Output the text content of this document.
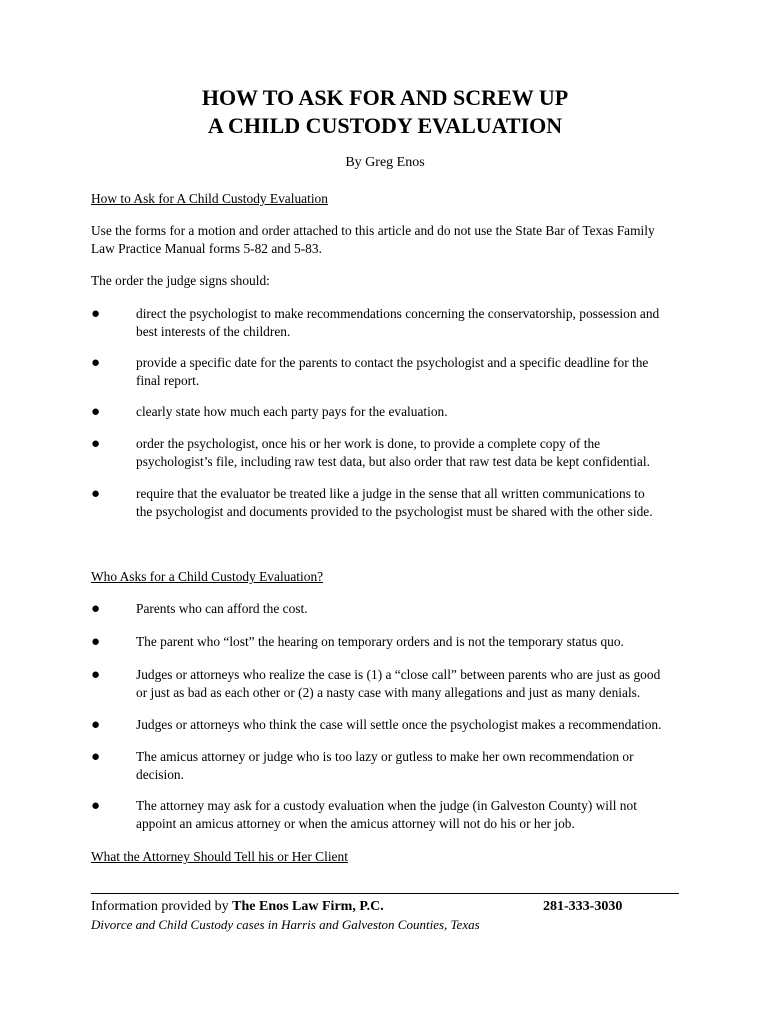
HOW TO ASK FOR AND SCREW UP
A CHILD CUSTODY EVALUATION
By Greg Enos
How to Ask for A Child Custody Evaluation
Use the forms for a motion and order attached to this article and do not use the State Bar of Texas Family
Law Practice Manual forms 5-82 and 5-83.
The order the judge signs should:
●	direct the psychologist to make recommendations concerning the conservatorship, possession and
best interests of the children.
●	provide a specific date for the parents to contact the psychologist and a specific deadline for the
final report.
●	clearly state how much each party pays for the evaluation.
●	order the psychologist, once his or her work is done, to provide a complete copy of the
psychologist’s file, including raw test data, but also order that raw test data be kept confidential.
●	require that the evaluator be treated like a judge in the sense that all written communications to
the psychologist and documents provided to the psychologist must be shared with the other side.
Who Asks for a Child Custody Evaluation?
●	Parents who can afford the cost.
●	The parent who “lost” the hearing on temporary orders and is not the temporary status quo.
●	Judges or attorneys who realize the case is (1) a “close call” between parents who are just as good
or just as bad as each other or (2) a nasty case with many allegations and just as many denials.
●	Judges or attorneys who think the case will settle once the psychologist makes a recommendation.
●	The amicus attorney or judge who is too lazy or gutless to make her own recommendation or
decision.
●	The attorney may ask for a custody evaluation when the judge (in Galveston County) will not
appoint an amicus attorney or when the amicus attorney will not do his or her job.
What the Attorney Should Tell his or Her Client
Information provided by The Enos Law Firm, P.C.	281-333-3030
Divorce and Child Custody cases in Harris and Galveston Counties, Texas
